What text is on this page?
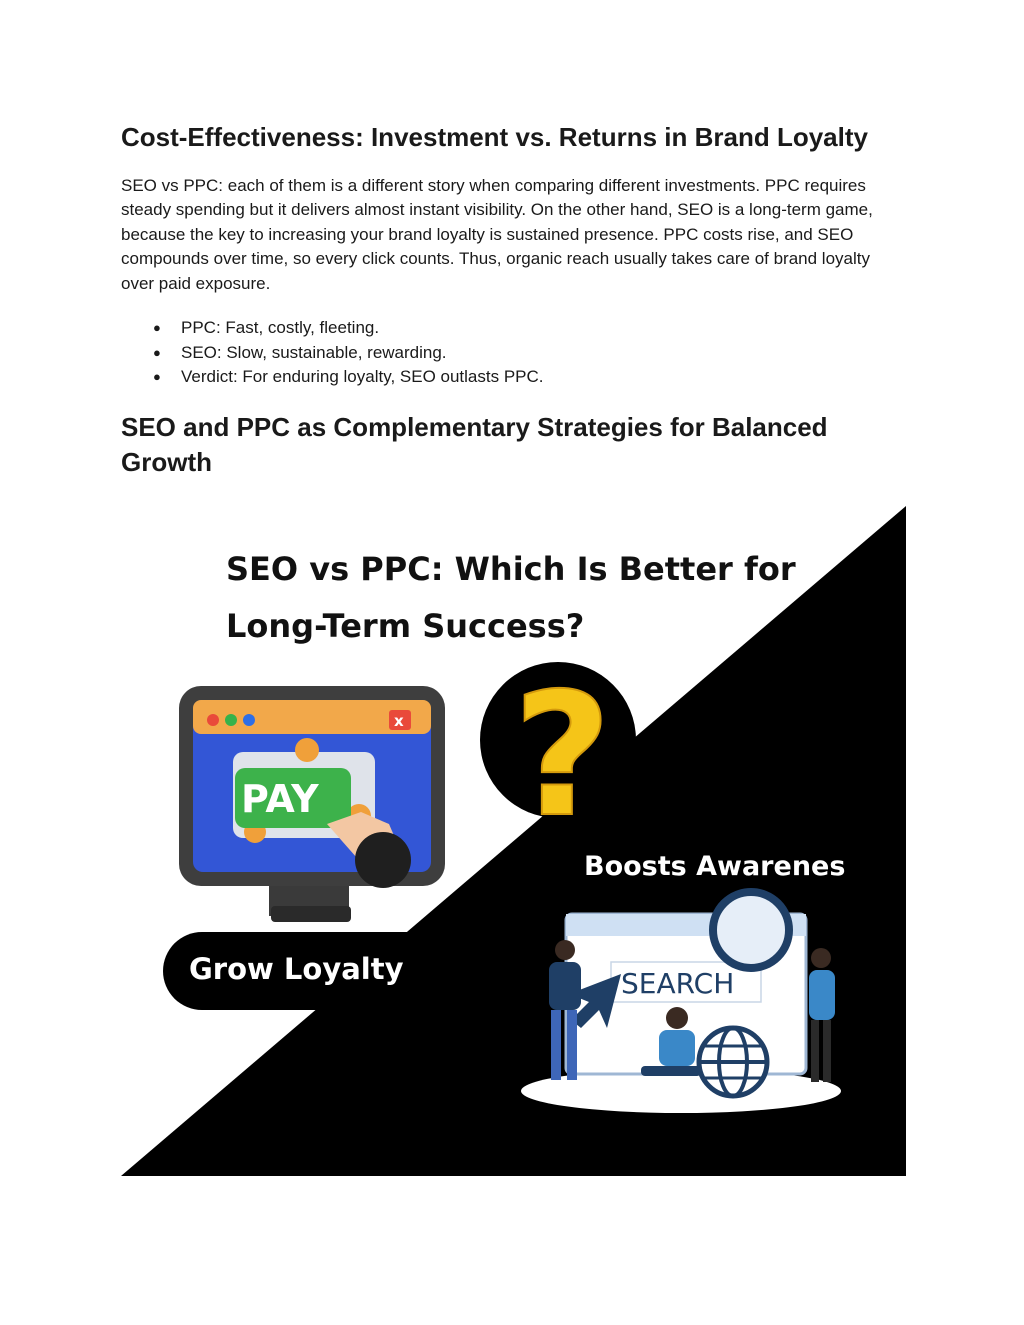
Cost-Effectiveness: Investment vs. Returns in Brand Loyalty

SEO vs PPC: each of them is a different story when comparing different investments. PPC requires steady spending but it delivers almost instant visibility. On the other hand, SEO is a long-term game, because the key to increasing your brand loyalty is sustained presence. PPC costs rise, and SEO compounds over time, so every click counts. Thus, organic reach usually takes care of brand loyalty over paid exposure.

● PPC: Fast, costly, fleeting.
● SEO: Slow, sustainable, rewarding.
● Verdict: For enduring loyalty, SEO outlasts PPC.
SEO and PPC as Complementary Strategies for Balanced Growth
SEO vs PPC: Which Is Better for
Long-Term Success?
?
x
PAY
Boosts Awarenes
Grow Loyalty	SEARCH
